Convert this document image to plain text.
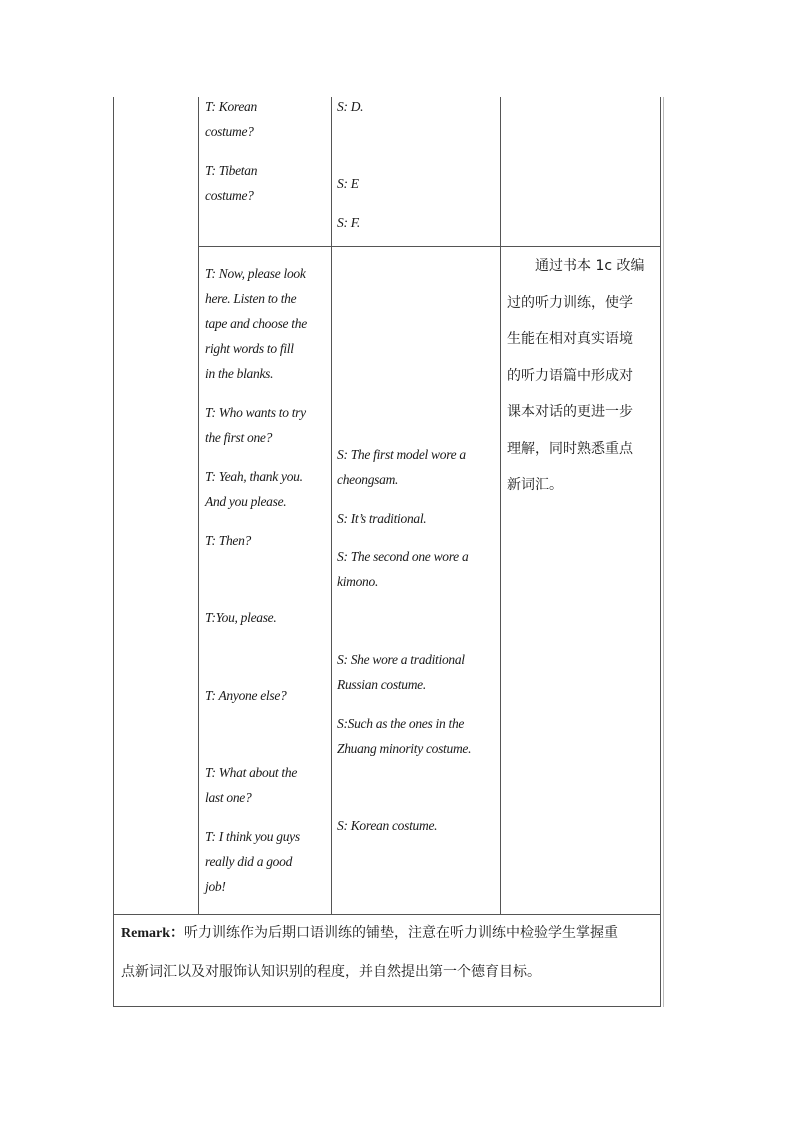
T: Korean
costume?
T: Tibetan
costume?
S: D.
S: E
S: F.
T: Now, please look
here. Listen to the
tape and choose the
right words to fill
in the blanks.
T: Who wants to try
the first one?
T: Yeah, thank you.
And you please.
T: Then?
T:You, please.
T: Anyone else?
T: What about the
last one?
T: I think you guys
really did a good
job!
S: The first model wore a
cheongsam.
S: It’s traditional.
S: The second one wore a
kimono.
S: She wore a traditional
Russian costume.
S:Such as the ones in the
Zhuang minority costume.
S: Korean costume.
　　通过书本 1c 改编
过的听力训练，使学
生能在相对真实语境
的听力语篇中形成对
课本对话的更进一步
理解，同时熟悉重点
新词汇。
Remark：听力训练作为后期口语训练的铺垫，注意在听力训练中检验学生掌握重
点新词汇以及对服饰认知识别的程度，并自然提出第一个德育目标。
